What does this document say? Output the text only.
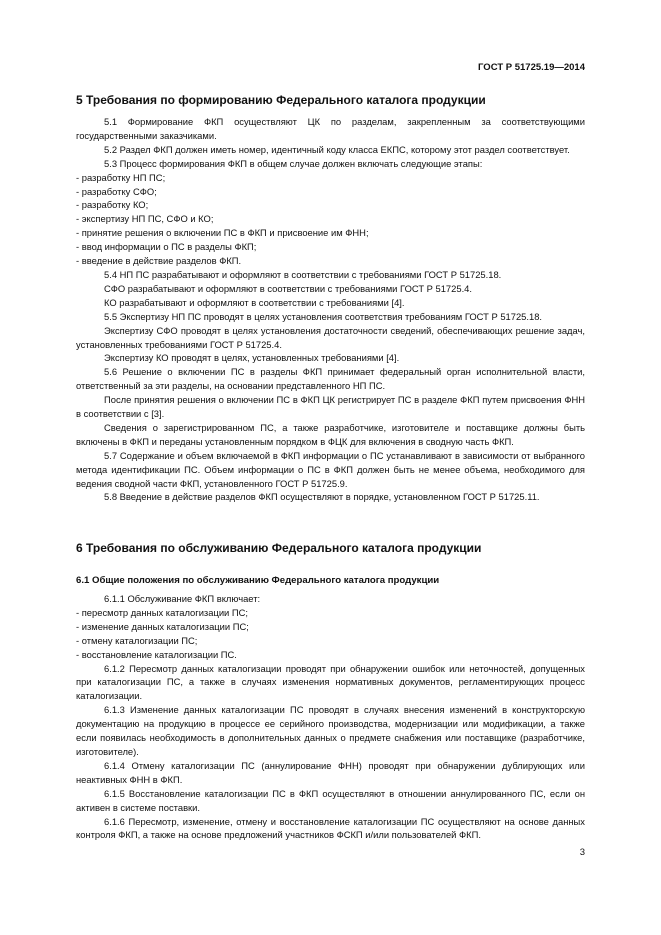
ГОСТ Р 51725.19—2014
5 Требования по формированию Федерального каталога продукции

5.1 Формирование ФКП осуществляют ЦК по разделам, закрепленным за соответствующими государственными заказчиками.

5.2 Раздел ФКП должен иметь номер, идентичный коду класса ЕКПС, которому этот раздел соответствует.

5.3 Процесс формирования ФКП в общем случае должен включать следующие этапы:

- разработку НП ПС;

- разработку СФО;

- разработку КО;

- экспертизу НП ПС, СФО и КО;

- принятие решения о включении ПС в ФКП и присвоение им ФНН;

- ввод информации о ПС в разделы ФКП;

- введение в действие разделов ФКП.

5.4 НП ПС разрабатывают и оформляют в соответствии с требованиями ГОСТ Р 51725.18.

СФО разрабатывают и оформляют в соответствии с требованиями ГОСТ Р 51725.4.

КО разрабатывают и оформляют в соответствии с требованиями [4].

5.5 Экспертизу НП ПС проводят в целях установления соответствия требованиям ГОСТ Р 51725.18.

Экспертизу СФО проводят в целях установления достаточности сведений, обеспечивающих решение задач, установленных требованиями ГОСТ Р 51725.4.

Экспертизу КО проводят в целях, установленных требованиями [4].

5.6 Решение о включении ПС в разделы ФКП принимает федеральный орган исполнительной власти, ответственный за эти разделы, на основании представленного НП ПС.

После принятия решения о включении ПС в ФКП ЦК регистрирует ПС в разделе ФКП путем присвоения ФНН в соответствии с [3].

Сведения о зарегистрированном ПС, а также разработчике, изготовителе и поставщике должны быть включены в ФКП и переданы установленным порядком в ФЦК для включения в сводную часть ФКП.

5.7 Содержание и объем включаемой в ФКП информации о ПС устанавливают в зависимости от выбранного метода идентификации ПС. Объем информации о ПС в ФКП должен быть не менее объема, необходимого для ведения сводной части ФКП, установленного ГОСТ Р 51725.9.

5.8 Введение в действие разделов ФКП осуществляют в порядке, установленном ГОСТ Р 51725.11.

6 Требования по обслуживанию Федерального каталога продукции
6.1 Общие положения по обслуживанию Федерального каталога продукции

6.1.1 Обслуживание ФКП включает:

- пересмотр данных каталогизации ПС;

- изменение данных каталогизации ПС;

- отмену каталогизации ПС;

- восстановление каталогизации ПС.

6.1.2 Пересмотр данных каталогизации проводят при обнаружении ошибок или неточностей, допущенных при каталогизации ПС, а также в случаях изменения нормативных документов, регламентирующих процесс каталогизации.

6.1.3 Изменение данных каталогизации ПС проводят в случаях внесения изменений в конструкторскую документацию на продукцию в процессе ее серийного производства, модернизации или модификации, а также если появилась необходимость в дополнительных данных о предмете снабжения или поставщике (разработчике, изготовителе).

6.1.4 Отмену каталогизации ПС (аннулирование ФНН) проводят при обнаружении дублирующих или неактивных ФНН в ФКП.

6.1.5 Восстановление каталогизации ПС в ФКП осуществляют в отношении аннулированного ПС, если он активен в системе поставки.

6.1.6 Пересмотр, изменение, отмену и восстановление каталогизации ПС осуществляют на основе данных контроля ФКП, а также на основе предложений участников ФСКП и/или пользователей ФКП.

3
